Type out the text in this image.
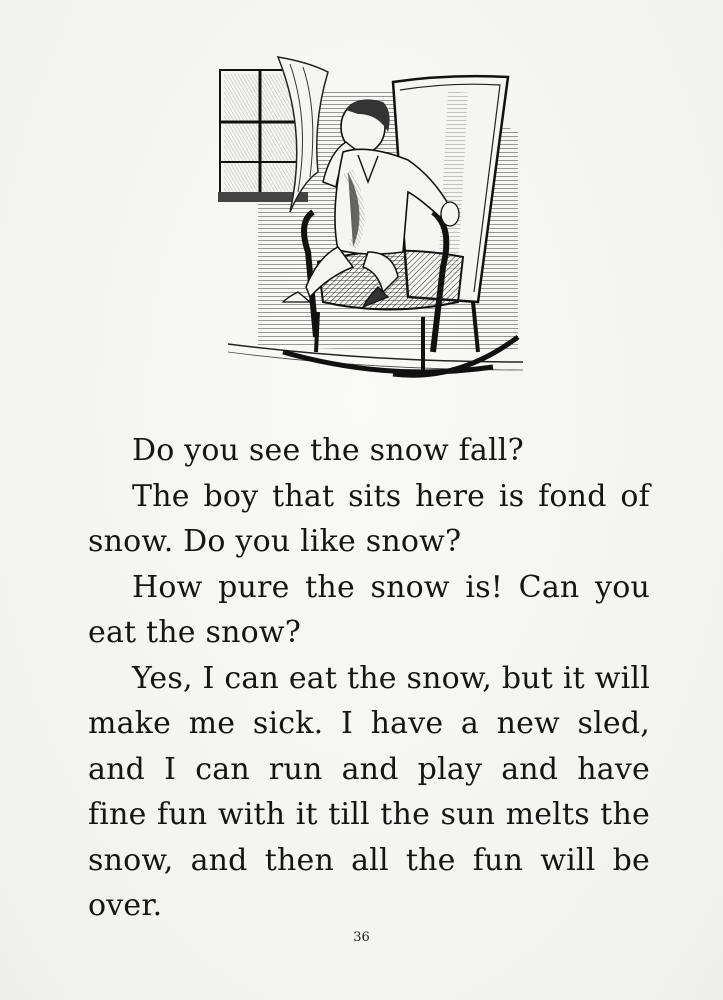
Do you see the snow fall?

The boy that sits here is fond of snow. Do you like snow?

How pure the snow is! Can you eat the snow?

Yes, I can eat the snow, but it will make me sick. I have a new sled, and I can run and play and have fine fun with it till the sun melts the snow, and then all the fun will be over.

36
